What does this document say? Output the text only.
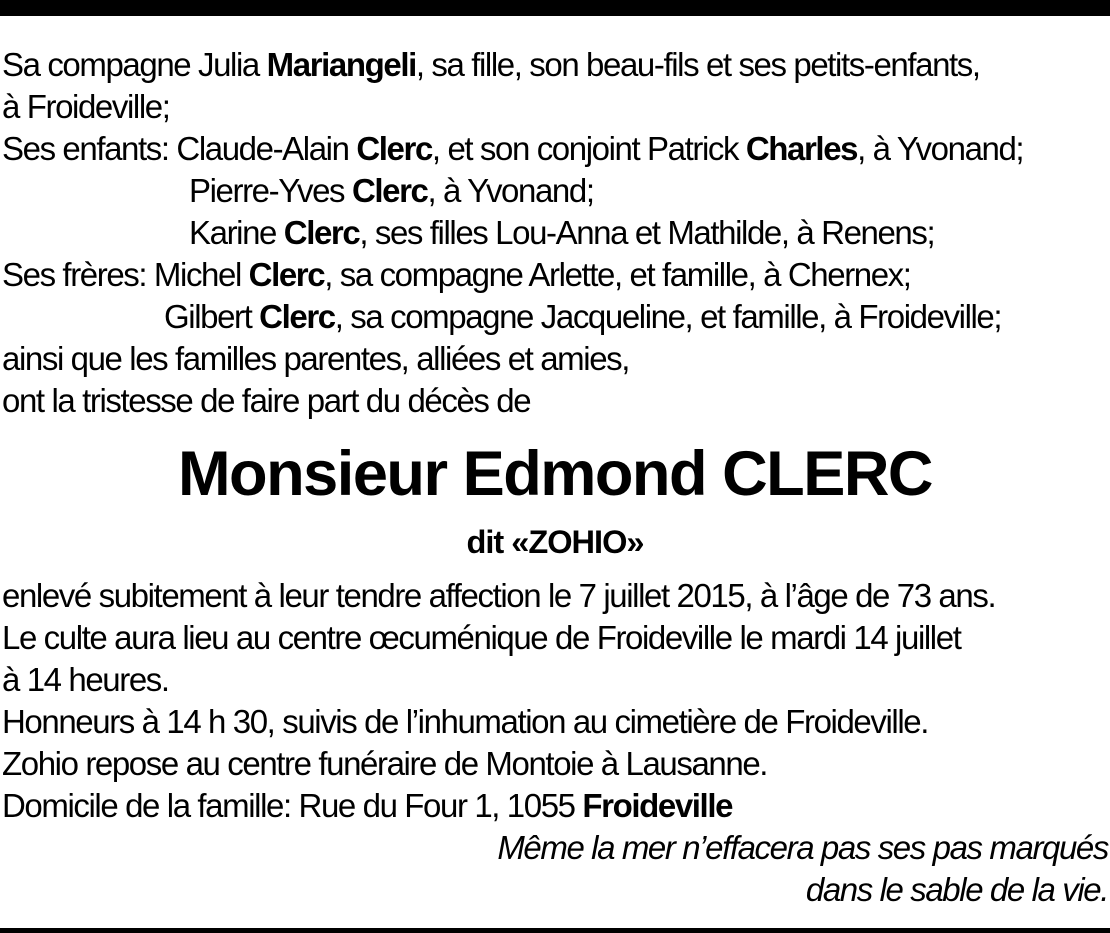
Sa compagne Julia Mariangeli, sa fille, son beau-fils et ses petits-enfants,
à Froideville;
Ses enfants: Claude-Alain Clerc, et son conjoint Patrick Charles, à Yvonand;
Pierre-Yves Clerc, à Yvonand;
Karine Clerc, ses filles Lou-Anna et Mathilde, à Renens;
Ses frères: Michel Clerc, sa compagne Arlette, et famille, à Chernex;
Gilbert Clerc, sa compagne Jacqueline, et famille, à Froideville;
ainsi que les familles parentes, alliées et amies,
ont la tristesse de faire part du décès de
Monsieur Edmond CLERC
dit «ZOHIO»
enlevé subitement à leur tendre affection le 7 juillet 2015, à l’âge de 73 ans.
Le culte aura lieu au centre œcuménique de Froideville le mardi 14 juillet
à 14 heures.
Honneurs à 14 h 30, suivis de l’inhumation au cimetière de Froideville.
Zohio repose au centre funéraire de Montoie à Lausanne.
Domicile de la famille: Rue du Four 1, 1055 Froideville
Même la mer n’effacera pas ses pas marqués
dans le sable de la vie.
